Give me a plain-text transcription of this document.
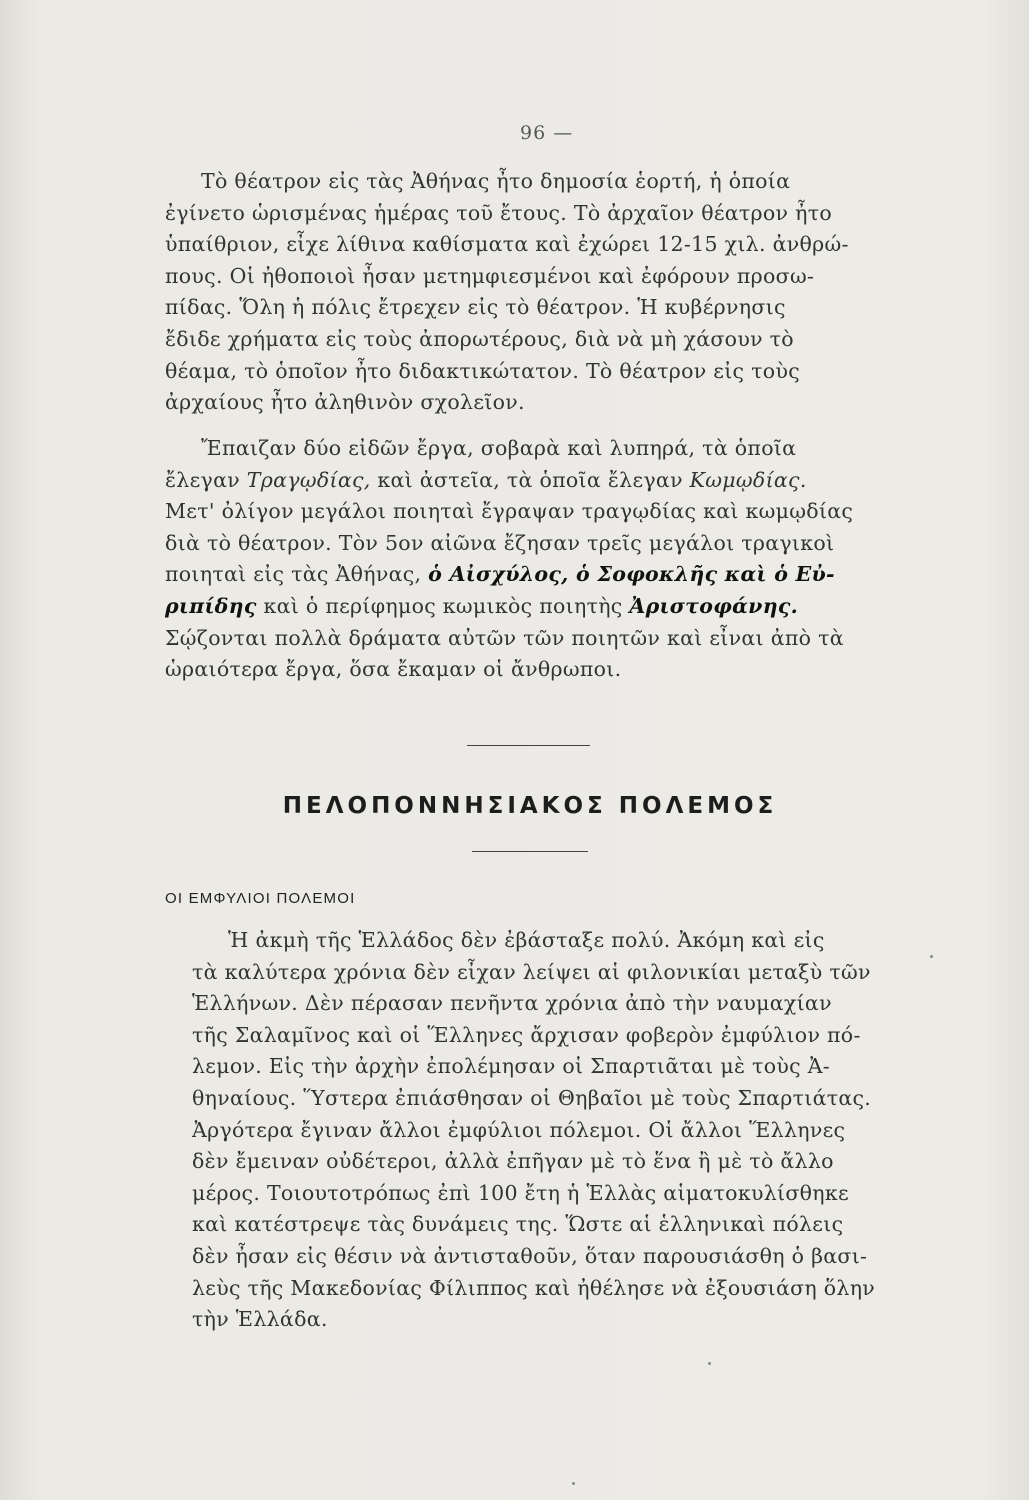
96 —

Τὸ θέατρον εἰς τὰς Ἀθήνας ἦτο δημοσία ἑορτή, ἡ ὁποία
ἐγίνετο ὡρισμένας ἡμέρας τοῦ ἔτους. Τὸ ἀρχαῖον θέατρον ἦτο
ὑπαίθριον, εἶχε λίθινα καθίσματα καὶ ἐχώρει 12-15 χιλ. ἀνθρώ-
πους. Οἱ ἠθοποιοὶ ἦσαν μετημφιεσμένοι καὶ ἐφόρουν προσω-
πίδας. Ὅλη ἡ πόλις ἔτρεχεν εἰς τὸ θέατρον. Ἡ κυβέρνησις
ἔδιδε χρήματα εἰς τοὺς ἀπορωτέρους, διὰ νὰ μὴ χάσουν τὸ
θέαμα, τὸ ὁποῖον ἦτο διδακτικώτατον. Τὸ θέατρον εἰς τοὺς
ἀρχαίους ἦτο ἀληθινὸν σχολεῖον.

Ἔπαιζαν δύο εἰδῶν ἔργα, σοβαρὰ καὶ λυπηρά, τὰ ὁποῖα
ἔλεγαν Τραγῳδίας, καὶ ἀστεῖα, τὰ ὁποῖα ἔλεγαν Κωμῳδίας.
Μετ' ὀλίγον μεγάλοι ποιηταὶ ἔγραψαν τραγῳδίας καὶ κωμῳδίας
διὰ τὸ θέατρον. Τὸν 5ον αἰῶνα ἔζησαν τρεῖς μεγάλοι τραγικοὶ
ποιηταὶ εἰς τὰς Ἀθήνας, ὁ Αἰσχύλος, ὁ Σοφοκλῆς καὶ ὁ Εὐ-
ριπίδης καὶ ὁ περίφημος κωμικὸς ποιητὴς Ἀριστοφάνης.
Σῴζονται πολλὰ δράματα αὐτῶν τῶν ποιητῶν καὶ εἶναι ἀπὸ τὰ
ὡραιότερα ἔργα, ὅσα ἔκαμαν οἱ ἄνθρωποι.

ΠΕΛΟΠΟΝΝΗΣΙΑΚΟΣ ΠΟΛΕΜΟΣ
ΟΙ ΕΜΦΥΛΙΟΙ ΠΟΛΕΜΟΙ

Ἡ ἀκμὴ τῆς Ἑλλάδος δὲν ἐβάσταξε πολύ. Ἀκόμη καὶ εἰς
τὰ καλύτερα χρόνια δὲν εἶχαν λείψει αἱ φιλονικίαι μεταξὺ τῶν
Ἑλλήνων. Δὲν πέρασαν πενῆντα χρόνια ἀπὸ τὴν ναυμαχίαν
τῆς Σαλαμῖνος καὶ οἱ Ἕλληνες ἄρχισαν φοβερὸν ἐμφύλιον πό-
λεμον. Εἰς τὴν ἀρχὴν ἐπολέμησαν οἱ Σπαρτιᾶται μὲ τοὺς Ἀ-
θηναίους. Ὕστερα ἐπιάσθησαν οἱ Θηβαῖοι μὲ τοὺς Σπαρτιάτας.
Ἀργότερα ἔγιναν ἄλλοι ἐμφύλιοι πόλεμοι. Οἱ ἄλλοι Ἕλληνες
δὲν ἔμειναν οὐδέτεροι, ἀλλὰ ἐπῆγαν μὲ τὸ ἕνα ἢ μὲ τὸ ἄλλο
μέρος. Τοιουτοτρόπως ἐπὶ 100 ἔτη ἡ Ἑλλὰς αἱματοκυλίσθηκε
καὶ κατέστρεψε τὰς δυνάμεις της. Ὥστε αἱ ἑλληνικαὶ πόλεις
δὲν ἦσαν εἰς θέσιν νὰ ἀντισταθοῦν, ὅταν παρουσιάσθη ὁ βασι-
λεὺς τῆς Μακεδονίας Φίλιππος καὶ ἠθέλησε νὰ ἐξουσιάση ὅλην
τὴν Ἑλλάδα.
